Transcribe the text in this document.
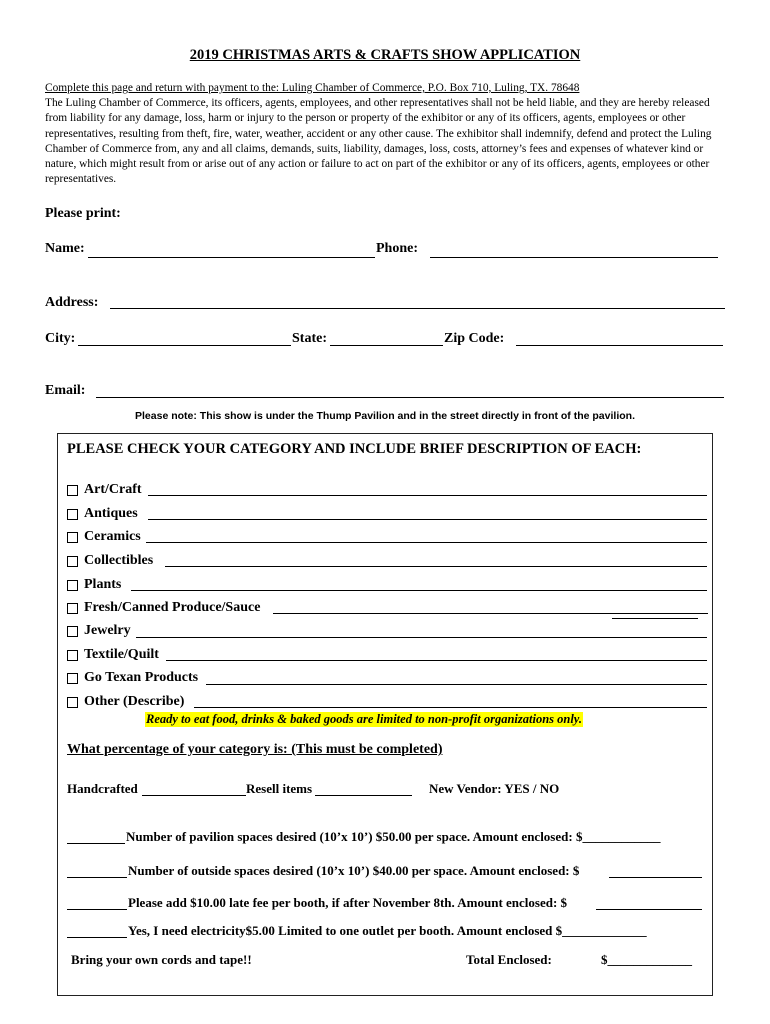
2019 CHRISTMAS ARTS & CRAFTS SHOW APPLICATION

Complete this page and return with payment to the: Luling Chamber of Commerce, P.O. Box 710, Luling, TX. 78648

The Luling Chamber of Commerce, its officers, agents, employees, and other representatives shall not be held liable, and they are hereby released from liability for any damage, loss, harm or injury to the person or property of the exhibitor or any of its officers, agents, employees or other representatives, resulting from theft, fire, water, weather, accident or any other cause. The exhibitor shall indemnify, defend and protect the Luling Chamber of Commerce from, any and all claims, demands, suits, liability, damages, loss, costs, attorney’s fees and expenses of whatever kind or nature, which might result from or arise out of any action or failure to act on part of the exhibitor or any of its officers, agents, employees or other representatives.

Please print:
Name:	Phone:
Address:
City:	State:	Zip Code:
Email:
Please note: This show is under the Thump Pavilion and in the street directly in front of the pavilion.
PLEASE CHECK YOUR CATEGORY AND INCLUDE BRIEF DESCRIPTION OF EACH:
Art/Craft
Antiques
Ceramics
Collectibles
Plants
Fresh/Canned Produce/Sauce
Jewelry
Textile/Quilt
Go Texan Products
Other (Describe)
Ready to eat food, drinks & baked goods are limited to non-profit organizations only.
What percentage of your category is: (This must be completed)
Handcrafted	Resell items	New Vendor: YES / NO
Number of pavilion spaces desired (10’x 10’) $50.00 per space. Amount enclosed: $____________
Number of outside spaces desired (10’x 10’) $40.00 per space. Amount enclosed: $
Please add $10.00 late fee per booth, if after November 8th. Amount enclosed: $
Yes, I need electricity$5.00 Limited to one outlet per booth. Amount enclosed $_____________
Bring your own cords and tape!!	Total Enclosed:	$_____________
